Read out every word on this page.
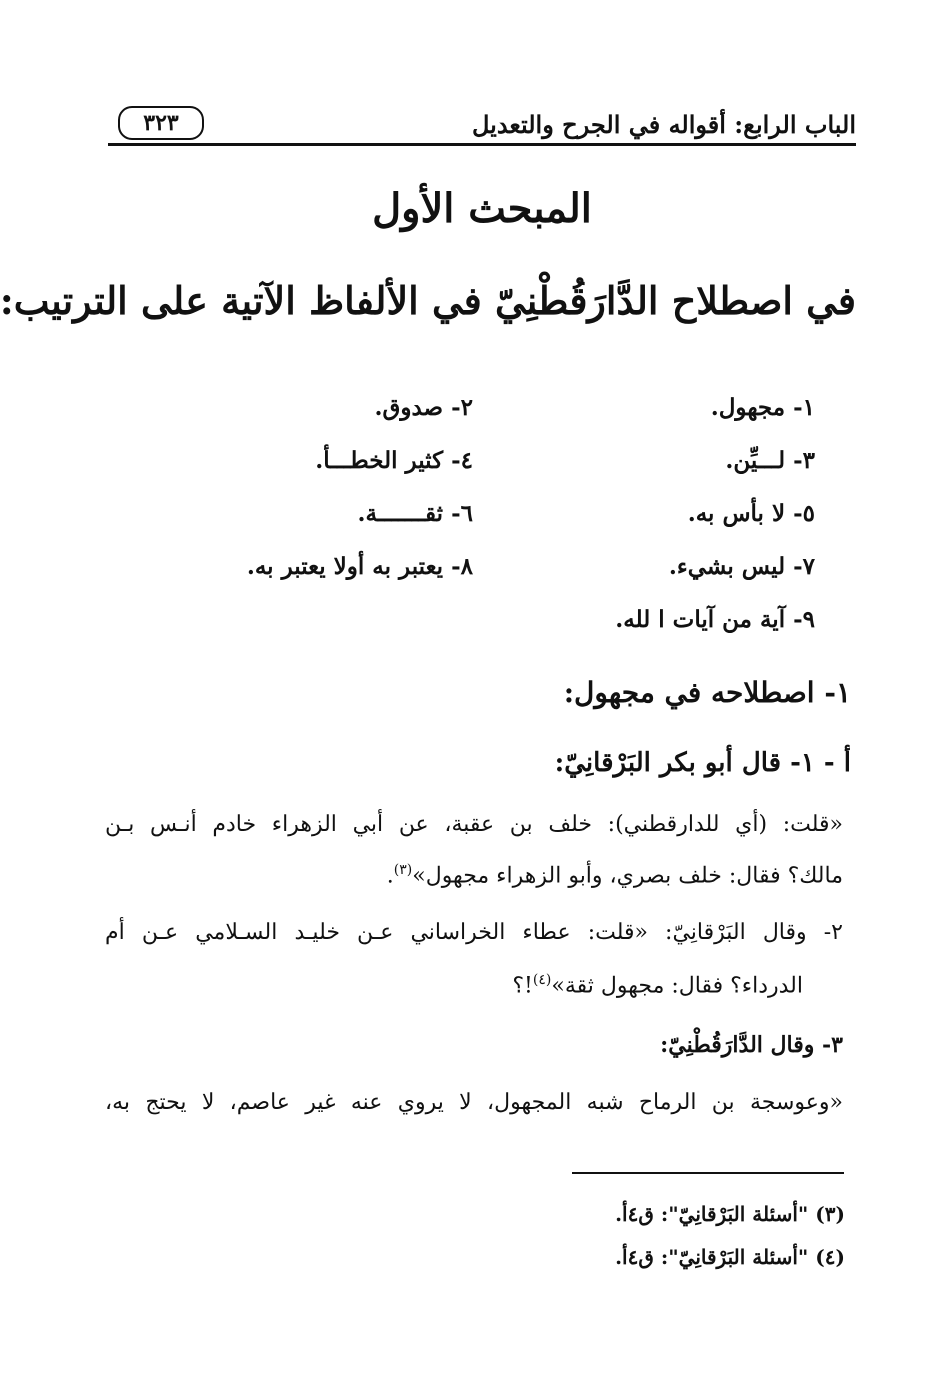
الباب الرابع: أقواله في الجرح والتعديل
٣٢٣
المبحث الأول
في اصطلاح الدَّارَقُطْنِيّ في الألفاظ الآتية على الترتيب:
١- مجهول.
٢- صدوق.
٣- لـــيِّن.
٤- كثير الخطـــأ.
٥- لا بأس به.
٦- ثقـــــــة.
٧- ليس بشيء.
٨- يعتبر به أولا يعتبر به.
٩- آية من آيات ا لله.
١- اصطلاحه في مجهول:
أ - ١- قال أبو بكر البَرْقانِيّ:
«قلت: (أي للدارقطني): خلف بن عقبة، عن أبي الزهراء خادم أنـس بـن
مالك؟ فقال: خلف بصري، وأبو الزهراء مجهول»$^{(٣)}$.
٢- وقال البَرْقانِيّ: «قلت: عطاء الخراساني عـن خليـد السـلامي عـن أم
الدرداء؟ فقال: مجهول ثقة»$^{(٤)}$!؟
٣- وقال الدَّارَقُطْنِيّ:
«وعوسجة بن الرماح شبه المجهول، لا يروي عنه غير عاصم، لا يحتج به،
(٣) "أسئلة البَرْقانِيّ": ق٤أ.
(٤) "أسئلة البَرْقانِيّ": ق٤أ.
